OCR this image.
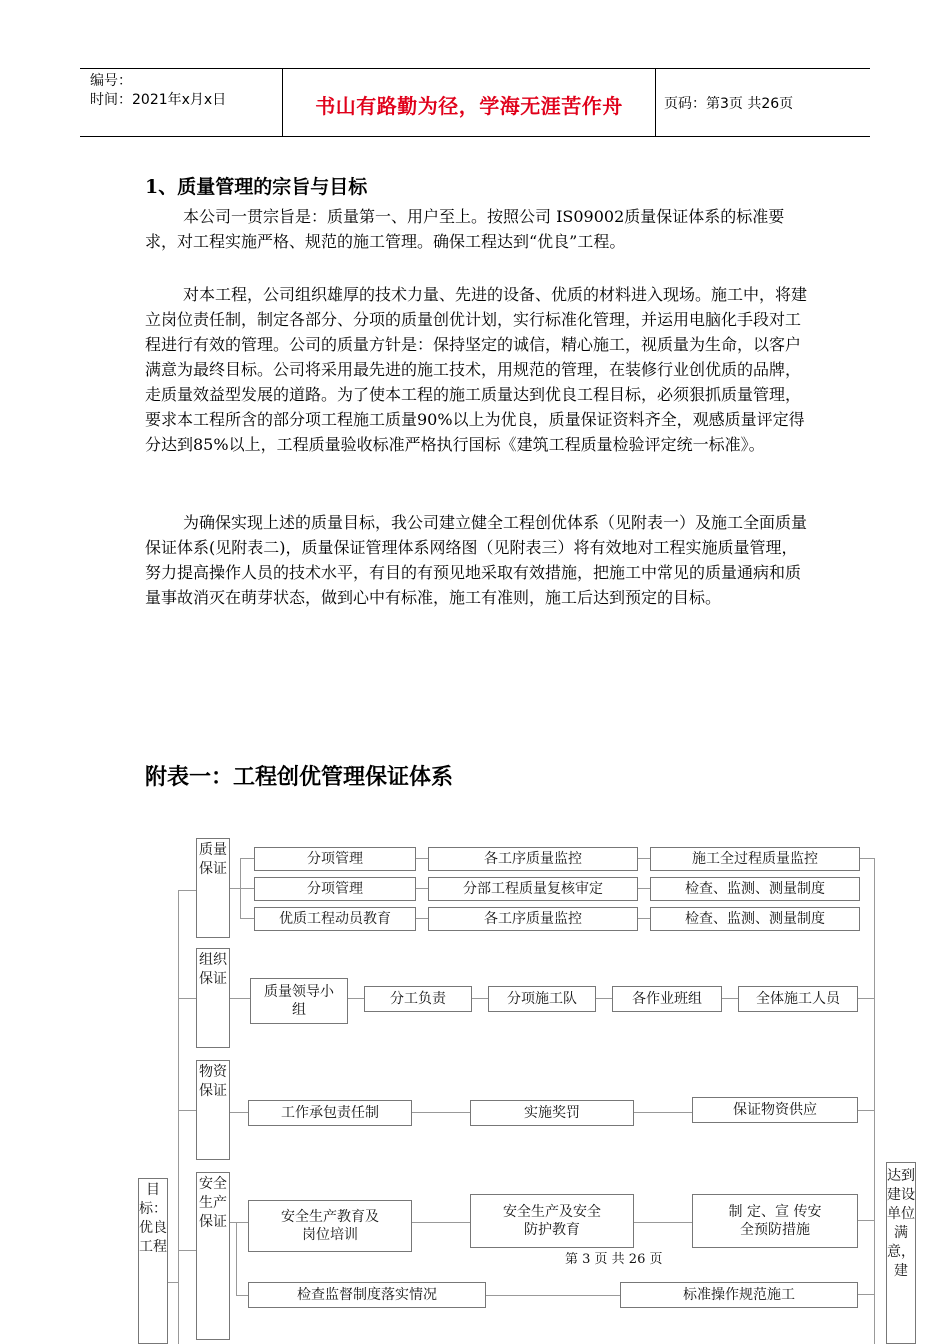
编号：
时间：2021年x月x日	书山有路勤为径，学海无涯苦作舟	页码：第3页 共26页
1、质量管理的宗旨与目标

本公司一贯宗旨是：质量第一、用户至上。按照公司 IS09002质量保证体系的标准要求，对工程实施严格、规范的施工管理。确保工程达到“优良”工程。

对本工程，公司组织雄厚的技术力量、先进的设备、优质的材料进入现场。施工中，将建立岗位责任制，制定各部分、分项的质量创优计划，实行标准化管理，并运用电脑化手段对工程进行有效的管理。公司的质量方针是：保持坚定的诚信，精心施工，视质量为生命，以客户满意为最终目标。公司将采用最先进的施工技术，用规范的管理，在装修行业创优质的品牌，走质量效益型发展的道路。为了使本工程的施工质量达到优良工程目标，必须狠抓质量管理，要求本工程所含的部分项工程施工质量90%以上为优良，质量保证资料齐全，观感质量评定得分达到85%以上，工程质量验收标准严格执行国标《建筑工程质量检验评定统一标准》。

为确保实现上述的质量目标，我公司建立健全工程创优体系（见附表一）及施工全面质量保证体系(见附表二)，质量保证管理体系网络图（见附表三）将有效地对工程实施质量管理，努力提高操作人员的技术水平，有目的有预见地采取有效措施，把施工中常见的质量通病和质量事故消灭在萌芽状态，做到心中有标准，施工有准则，施工后达到预定的目标。

附表一：工程创优管理保证体系
质量保证
组织保证
物资保证
安全生产保证
目标：优良工程
达到建设单位满意，建
分项管理	各工序质量监控	施工全过程质量监控
分项管理	分部工程质量复核审定	检查、监测、测量制度
优质工程动员教育	各工序质量监控	检查、监测、测量制度
质量领导小组
分工负责	分项施工队	各作业班组	全体施工人员
工作承包责任制	实施奖罚	保证物资供应
安全生产教育及岗位培训
安全生产及安全防护教育
制 定、宣 传安全预防措施
检查监督制度落实情况	标准操作规范施工
第 3 页 共 26 页
